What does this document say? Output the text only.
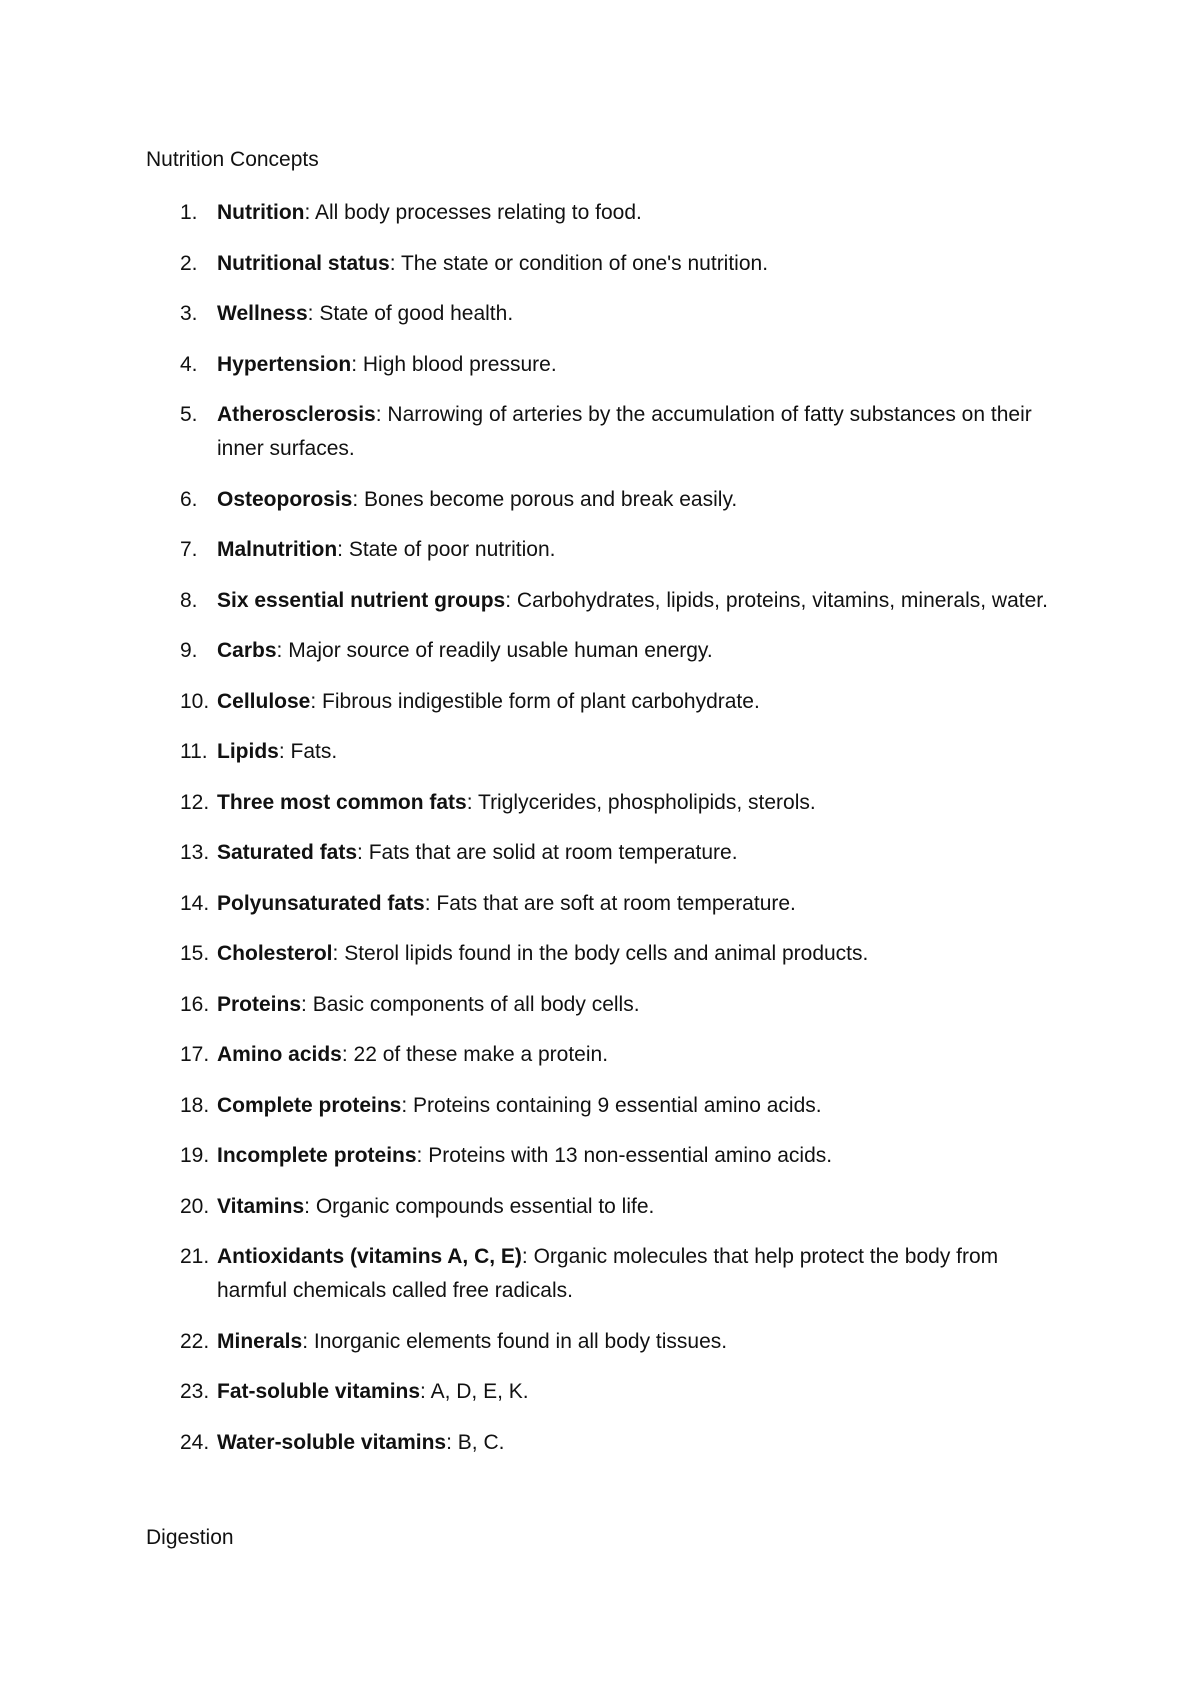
Nutrition Concepts

1. Nutrition: All body processes relating to food.
2. Nutritional status: The state or condition of one's nutrition.
3. Wellness: State of good health.
4. Hypertension: High blood pressure.
5. Atherosclerosis: Narrowing of arteries by the accumulation of fatty substances on their inner surfaces.
6. Osteoporosis: Bones become porous and break easily.
7. Malnutrition: State of poor nutrition.
8. Six essential nutrient groups: Carbohydrates, lipids, proteins, vitamins, minerals, water.
9. Carbs: Major source of readily usable human energy.
10. Cellulose: Fibrous indigestible form of plant carbohydrate.
11. Lipids: Fats.
12. Three most common fats: Triglycerides, phospholipids, sterols.
13. Saturated fats: Fats that are solid at room temperature.
14. Polyunsaturated fats: Fats that are soft at room temperature.
15. Cholesterol: Sterol lipids found in the body cells and animal products.
16. Proteins: Basic components of all body cells.
17. Amino acids: 22 of these make a protein.
18. Complete proteins: Proteins containing 9 essential amino acids.
19. Incomplete proteins: Proteins with 13 non-essential amino acids.
20. Vitamins: Organic compounds essential to life.
21. Antioxidants (vitamins A, C, E): Organic molecules that help protect the body from harmful chemicals called free radicals.
22. Minerals: Inorganic elements found in all body tissues.
23. Fat-soluble vitamins: A, D, E, K.
24. Water-soluble vitamins: B, C.

Digestion
